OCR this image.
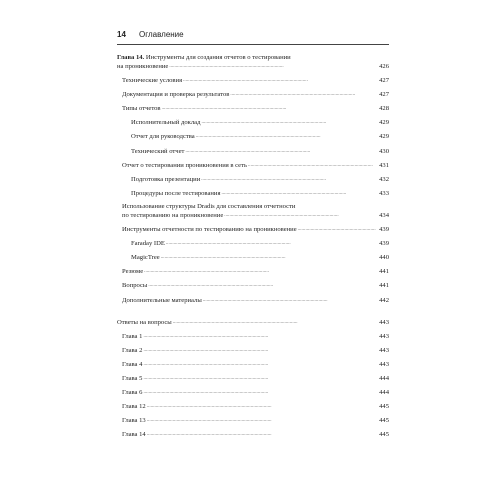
14 Оглавление
Глава 14. Инструменты для создания отчетов о тестировании
на проникновение . . .	426
Технические условия . . .	427
Документация и проверка результатов . . .	427
Типы отчетов . . .	428
Исполнительный доклад . . .	429
Отчет для руководства . . .	429
Технический отчет . . .	430
Отчет о тестировании проникновения в сеть . . .	431
Подготовка презентации . . .	432
Процедуры после тестирования . . .	433
Использование структуры Dradis для составления отчетности
по тестированию на проникновение . . .	434
Инструменты отчетности по тестированию на проникновение . . .	439
Faraday IDE . . .	439
MagicTree . . .	440
Резюме . . .	441
Вопросы . . .	441
Дополнительные материалы . . .	442
Ответы на вопросы . . .	443
Глава 1 . . .	443
Глава 2 . . .	443
Глава 4 . . .	443
Глава 5 . . .	444
Глава 6 . . .	444
Глава 12 . . .	445
Глава 13 . . .	445
Глава 14 . . .	445
